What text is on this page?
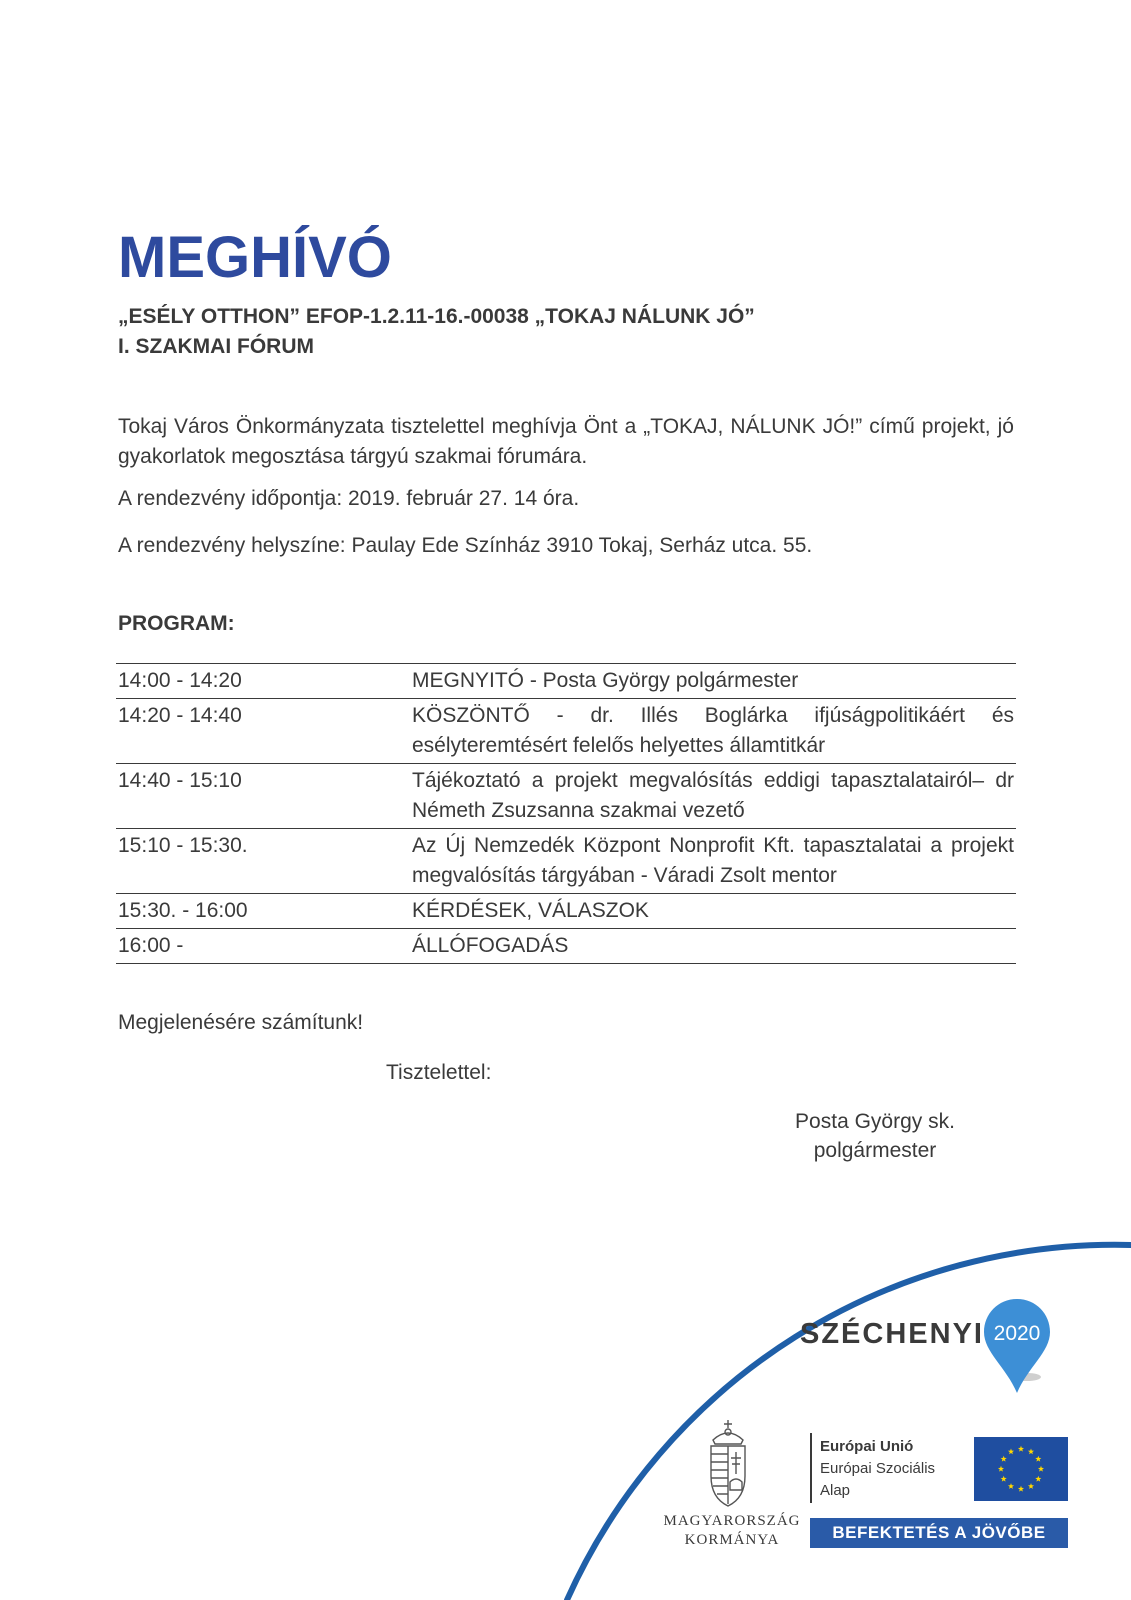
MEGHÍVÓ
„ESÉLY OTTHON” EFOP-1.2.11-16.-00038 „TOKAJ NÁLUNK JÓ”
I. SZAKMAI FÓRUM

Tokaj Város Önkormányzata tisztelettel meghívja Önt a „TOKAJ, NÁLUNK JÓ!” című projekt, jó gyakorlatok megosztása tárgyú szakmai fórumára.

A rendezvény időpontja: 2019. február 27. 14 óra.

A rendezvény helyszíne: Paulay Ede Színház 3910 Tokaj, Serház utca. 55.

PROGRAM:

14:00 - 14:20	MEGNYITÓ - Posta György polgármester
14:20 - 14:40	KÖSZÖNTŐ - dr. Illés Boglárka ifjúságpolitikáért és esélyteremtésért felelős helyettes államtitkár
14:40 - 15:10	Tájékoztató a projekt megvalósítás eddigi tapasztalatairól– dr Németh Zsuzsanna szakmai vezető
15:10 - 15:30.	Az Új Nemzedék Központ Nonprofit Kft. tapasztalatai a projekt megvalósítás tárgyában - Váradi Zsolt mentor
15:30. - 16:00	KÉRDÉSEK, VÁLASZOK
16:00 -	ÁLLÓFOGADÁS

Megjelenésére számítunk!

Tisztelettel:

Posta György sk.
polgármester
SZÉCHENYI 2020
MAGYARORSZÁG
KORMÁNYA
Európai Unió
Európai Szociális
Alap
BEFEKTETÉS A JÖVŐBE
